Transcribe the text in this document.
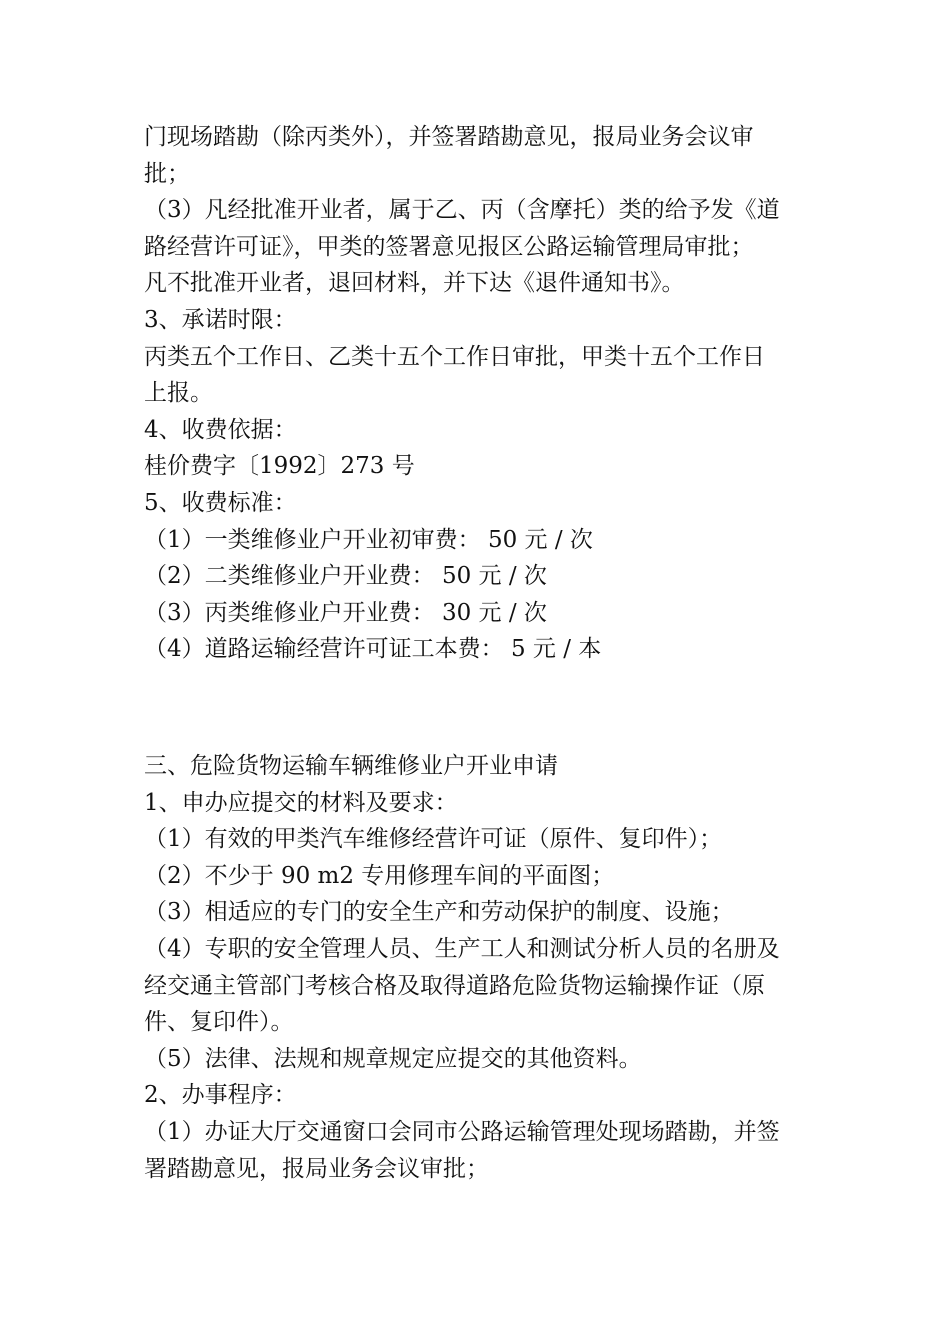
门现场踏勘（除丙类外），并签署踏勘意见，报局业务会议审
批；
（3）凡经批准开业者，属于乙、丙（含摩托）类的给予发《道
路经营许可证》，甲类的签署意见报区公路运输管理局审批；
凡不批准开业者，退回材料，并下达《退件通知书》。
3、承诺时限：
丙类五个工作日、乙类十五个工作日审批，甲类十五个工作日
上报。
4、收费依据：
桂价费字〔1992〕273 号
5、收费标准：
（1）一类维修业户开业初审费： 50 元 / 次
（2）二类维修业户开业费： 50 元 / 次
（3）丙类维修业户开业费： 30 元 / 次
（4）道路运输经营许可证工本费： 5 元 / 本
三、危险货物运输车辆维修业户开业申请
1、申办应提交的材料及要求：
（1）有效的甲类汽车维修经营许可证（原件、复印件）；
（2）不少于 90 m2 专用修理车间的平面图；
（3）相适应的专门的安全生产和劳动保护的制度、设施；
（4）专职的安全管理人员、生产工人和测试分析人员的名册及
经交通主管部门考核合格及取得道路危险货物运输操作证（原
件、复印件）。
（5）法律、法规和规章规定应提交的其他资料。
2、办事程序：
（1）办证大厅交通窗口会同市公路运输管理处现场踏勘，并签
署踏勘意见，报局业务会议审批；
